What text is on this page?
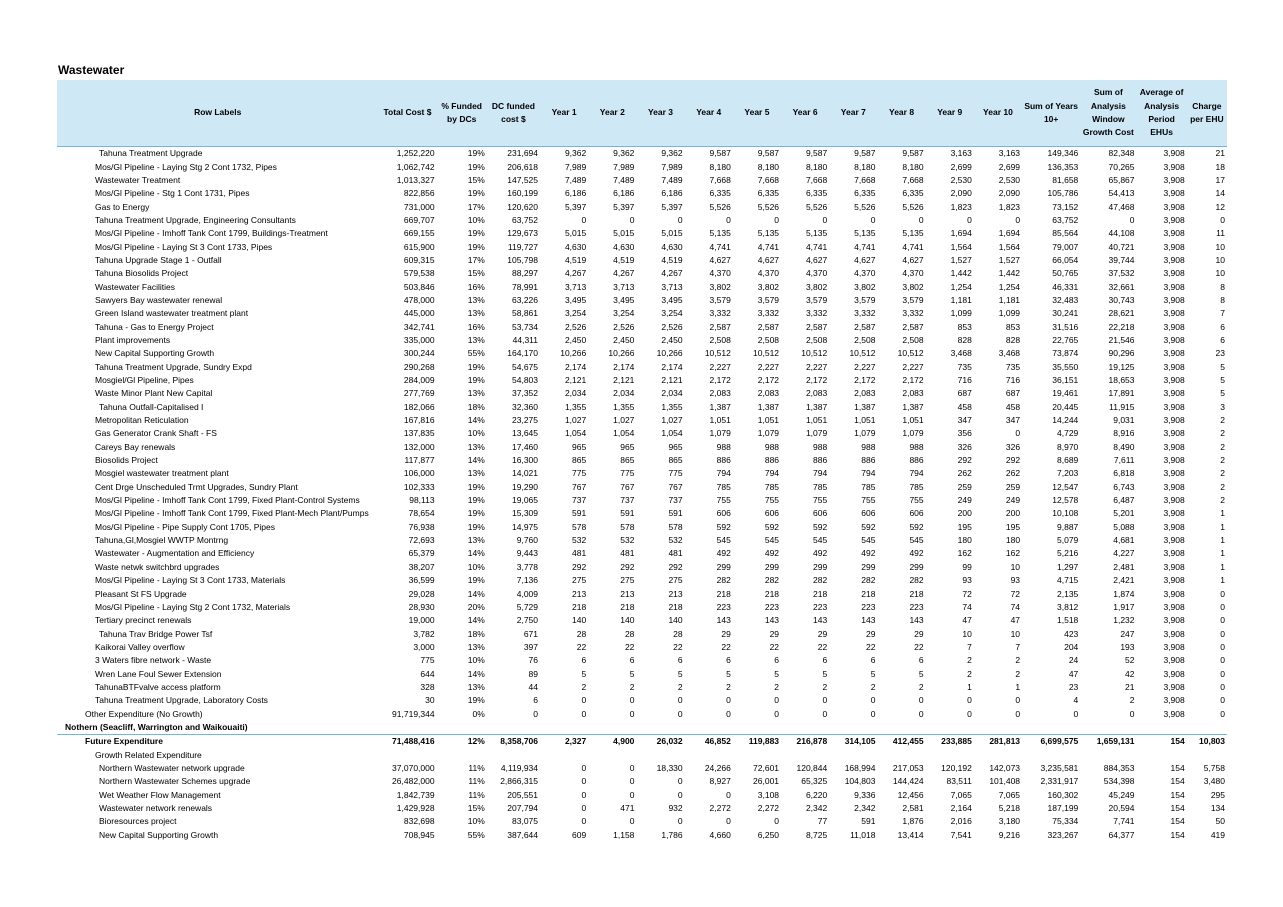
Wastewater
Row Labels	Total Cost $	% Funded by DCs	DC funded cost $	Year 1	Year 2	Year 3	Year 4	Year 5	Year 6	Year 7	Year 8	Year 9	Year 10	Sum of Years 10+	Sum of Analysis Window Growth Cost	Average of Analysis Period EHUs	Charge per EHU
Tahuna Treatment Upgrade	1,252,220	19%	231,694	9,362	9,362	9,362	9,587	9,587	9,587	9,587	9,587	3,163	3,163	149,346	82,348	3,908	21
Mos/Gl Pipeline - Laying Stg 2 Cont 1732, Pipes	1,062,742	19%	206,618	7,989	7,989	7,989	8,180	8,180	8,180	8,180	8,180	2,699	2,699	136,353	70,265	3,908	18
Wastewater Treatment	1,013,327	15%	147,525	7,489	7,489	7,489	7,668	7,668	7,668	7,668	7,668	2,530	2,530	81,658	65,867	3,908	17
Mos/Gl Pipeline - Stg 1 Cont 1731, Pipes	822,856	19%	160,199	6,186	6,186	6,186	6,335	6,335	6,335	6,335	6,335	2,090	2,090	105,786	54,413	3,908	14
Gas to Energy	731,000	17%	120,620	5,397	5,397	5,397	5,526	5,526	5,526	5,526	5,526	1,823	1,823	73,152	47,468	3,908	12
Tahuna Treatment Upgrade, Engineering Consultants	669,707	10%	63,752	0	0	0	0	0	0	0	0	0	0	63,752	0	3,908	0
Mos/Gl Pipeline - Imhoff Tank Cont 1799, Buildings-Treatment	669,155	19%	129,673	5,015	5,015	5,015	5,135	5,135	5,135	5,135	5,135	1,694	1,694	85,564	44,108	3,908	11
Mos/Gl Pipeline - Laying St 3 Cont 1733, Pipes	615,900	19%	119,727	4,630	4,630	4,630	4,741	4,741	4,741	4,741	4,741	1,564	1,564	79,007	40,721	3,908	10
Tahuna Upgrade Stage 1 - Outfall	609,315	17%	105,798	4,519	4,519	4,519	4,627	4,627	4,627	4,627	4,627	1,527	1,527	66,054	39,744	3,908	10
Tahuna Biosolids Project	579,538	15%	88,297	4,267	4,267	4,267	4,370	4,370	4,370	4,370	4,370	1,442	1,442	50,765	37,532	3,908	10
Wastewater Facilities	503,846	16%	78,991	3,713	3,713	3,713	3,802	3,802	3,802	3,802	3,802	1,254	1,254	46,331	32,661	3,908	8
Sawyers Bay wastewater renewal	478,000	13%	63,226	3,495	3,495	3,495	3,579	3,579	3,579	3,579	3,579	1,181	1,181	32,483	30,743	3,908	8
Green Island wastewater treatment plant	445,000	13%	58,861	3,254	3,254	3,254	3,332	3,332	3,332	3,332	3,332	1,099	1,099	30,241	28,621	3,908	7
Tahuna - Gas to Energy Project	342,741	16%	53,734	2,526	2,526	2,526	2,587	2,587	2,587	2,587	2,587	853	853	31,516	22,218	3,908	6
Plant improvements	335,000	13%	44,311	2,450	2,450	2,450	2,508	2,508	2,508	2,508	2,508	828	828	22,765	21,546	3,908	6
New Capital Supporting Growth	300,244	55%	164,170	10,266	10,266	10,266	10,512	10,512	10,512	10,512	10,512	3,468	3,468	73,874	90,296	3,908	23
Tahuna Treatment Upgrade, Sundry Expd	290,268	19%	54,675	2,174	2,174	2,174	2,227	2,227	2,227	2,227	2,227	735	735	35,550	19,125	3,908	5
Mosgiel/Gl Pipeline, Pipes	284,009	19%	54,803	2,121	2,121	2,121	2,172	2,172	2,172	2,172	2,172	716	716	36,151	18,653	3,908	5
Waste Minor Plant New Capital	277,769	13%	37,352	2,034	2,034	2,034	2,083	2,083	2,083	2,083	2,083	687	687	19,461	17,891	3,908	5
Tahuna Outfall-Capitalised I	182,066	18%	32,360	1,355	1,355	1,355	1,387	1,387	1,387	1,387	1,387	458	458	20,445	11,915	3,908	3
Metropolitan Reticulation	167,816	14%	23,275	1,027	1,027	1,027	1,051	1,051	1,051	1,051	1,051	347	347	14,244	9,031	3,908	2
Gas Generator Crank Shaft - FS	137,835	10%	13,645	1,054	1,054	1,054	1,079	1,079	1,079	1,079	1,079	356	0	4,729	8,916	3,908	2
Careys Bay renewals	132,000	13%	17,460	965	965	965	988	988	988	988	988	326	326	8,970	8,490	3,908	2
Biosolids Project	117,877	14%	16,300	865	865	865	886	886	886	886	886	292	292	8,689	7,611	3,908	2
Mosgiel wastewater treatment plant	106,000	13%	14,021	775	775	775	794	794	794	794	794	262	262	7,203	6,818	3,908	2
Cent Drge Unscheduled Trmt Upgrades, Sundry Plant	102,333	19%	19,290	767	767	767	785	785	785	785	785	259	259	12,547	6,743	3,908	2
Mos/Gl Pipeline - Imhoff Tank Cont 1799, Fixed Plant-Control Systems	98,113	19%	19,065	737	737	737	755	755	755	755	755	249	249	12,578	6,487	3,908	2
Mos/Gl Pipeline - Imhoff Tank Cont 1799, Fixed Plant-Mech Plant/Pumps	78,654	19%	15,309	591	591	591	606	606	606	606	606	200	200	10,108	5,201	3,908	1
Mos/Gl Pipeline - Pipe Supply Cont 1705, Pipes	76,938	19%	14,975	578	578	578	592	592	592	592	592	195	195	9,887	5,088	3,908	1
Tahuna,Gl,Mosgiel WWTP Montrng	72,693	13%	9,760	532	532	532	545	545	545	545	545	180	180	5,079	4,681	3,908	1
Wastewater - Augmentation and Efficiency	65,379	14%	9,443	481	481	481	492	492	492	492	492	162	162	5,216	4,227	3,908	1
Waste netwk switchbrd upgrades	38,207	10%	3,778	292	292	292	299	299	299	299	299	99	10	1,297	2,481	3,908	1
Mos/Gl Pipeline - Laying St 3 Cont 1733, Materials	36,599	19%	7,136	275	275	275	282	282	282	282	282	93	93	4,715	2,421	3,908	1
Pleasant St FS Upgrade	29,028	14%	4,009	213	213	213	218	218	218	218	218	72	72	2,135	1,874	3,908	0
Mos/Gl Pipeline - Laying Stg 2 Cont 1732, Materials	28,930	20%	5,729	218	218	218	223	223	223	223	223	74	74	3,812	1,917	3,908	0
Tertiary precinct renewals	19,000	14%	2,750	140	140	140	143	143	143	143	143	47	47	1,518	1,232	3,908	0
Tahuna Trav Bridge Power Tsf	3,782	18%	671	28	28	28	29	29	29	29	29	10	10	423	247	3,908	0
Kaikorai Valley overflow	3,000	13%	397	22	22	22	22	22	22	22	22	7	7	204	193	3,908	0
3 Waters fibre network - Waste	775	10%	76	6	6	6	6	6	6	6	6	2	2	24	52	3,908	0
Wren Lane Foul Sewer Extension	644	14%	89	5	5	5	5	5	5	5	5	2	2	47	42	3,908	0
TahunaBTFvalve access platform	328	13%	44	2	2	2	2	2	2	2	2	1	1	23	21	3,908	0
Tahuna Treatment Upgrade, Laboratory Costs	30	19%	6	0	0	0	0	0	0	0	0	0	0	4	2	3,908	0
Other Expenditure (No Growth)	91,719,344	0%	0	0	0	0	0	0	0	0	0	0	0	0	0	3,908	0
Nothern (Seacliff, Warrington and Waikouaiti)																	
Future Expenditure	71,488,416	12%	8,358,706	2,327	4,900	26,032	46,852	119,883	216,878	314,105	412,455	233,885	281,813	6,699,575	1,659,131	154	10,803
Growth Related Expenditure																	
Northern Wastewater network upgrade	37,070,000	11%	4,119,934	0	0	18,330	24,266	72,601	120,844	168,994	217,053	120,192	142,073	3,235,581	884,353	154	5,758
Northern Wastewater Schemes upgrade	26,482,000	11%	2,866,315	0	0	0	8,927	26,001	65,325	104,803	144,424	83,511	101,408	2,331,917	534,398	154	3,480
Wet Weather Flow Management	1,842,739	11%	205,551	0	0	0	0	3,108	6,220	9,336	12,456	7,065	7,065	160,302	45,249	154	295
Wastewater network renewals	1,429,928	15%	207,794	0	471	932	2,272	2,272	2,342	2,342	2,581	2,164	5,218	187,199	20,594	154	134
Bioresources project	832,698	10%	83,075	0	0	0	0	0	77	591	1,876	2,016	3,180	75,334	7,741	154	50
New Capital Supporting Growth	708,945	55%	387,644	609	1,158	1,786	4,660	6,250	8,725	11,018	13,414	7,541	9,216	323,267	64,377	154	419
